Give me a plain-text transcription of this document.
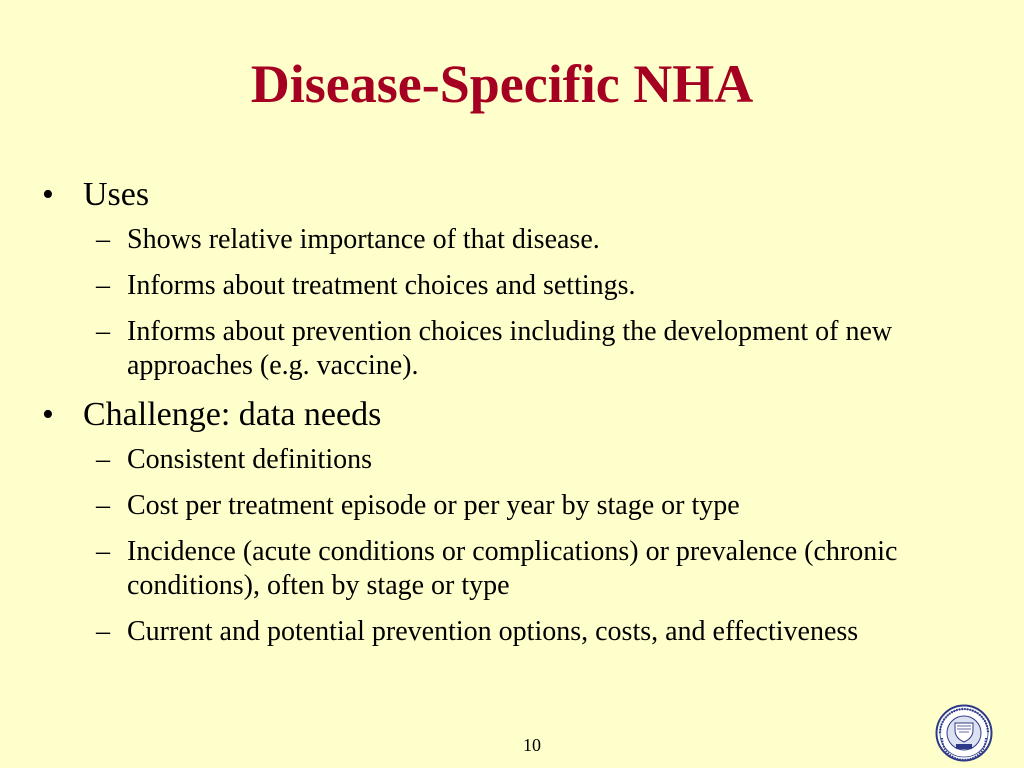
Disease-Specific NHA
• Uses
– Shows relative importance of that disease.
– Informs about treatment choices and settings.
– Informs about prevention choices including the development of new approaches (e.g. vaccine).
• Challenge: data needs
– Consistent definitions
– Cost per treatment episode or per year by stage or type
– Incidence (acute conditions or complications) or prevalence (chronic conditions), often by stage or type
– Current and potential prevention options, costs, and effectiveness
10
